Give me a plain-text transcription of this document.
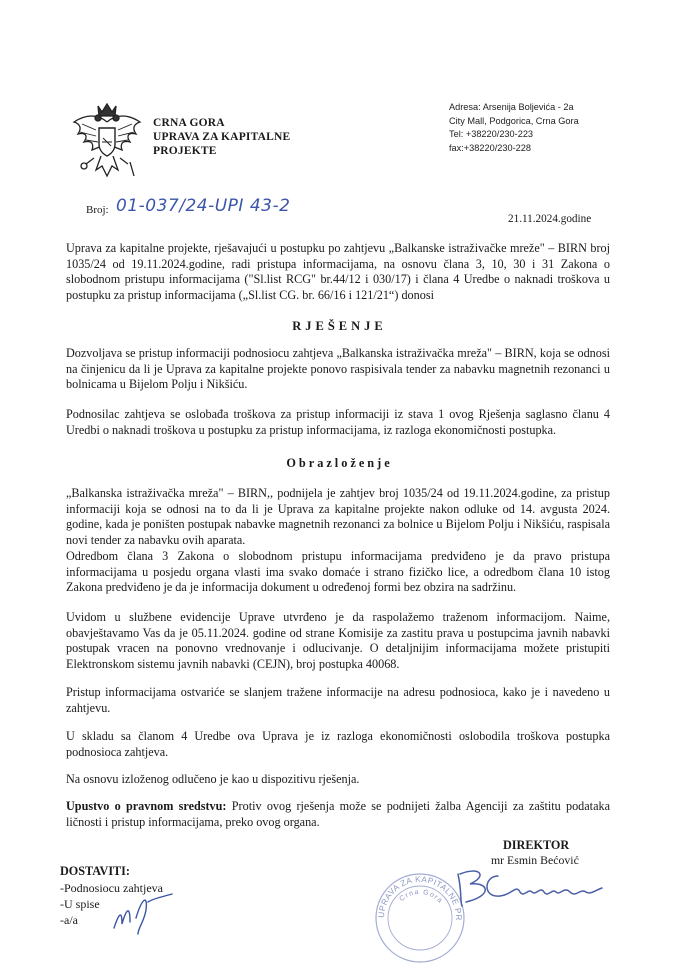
CRNA GORA
UPRAVA ZA KAPITALNE
PROJEKTE
Adresa: Arsenija Boljevića - 2a
City Mall, Podgorica, Crna Gora
Tel: +38220/230-223
fax:+38220/230-228
Broj: 01-037/24-UPI 43-2
21.11.2024.godine
Uprava za kapitalne projekte, rješavajući u postupku po zahtjevu „Balkanske istraživačke mreže" – BIRN broj 1035/24 od 19.11.2024.godine, radi pristupa informacijama, na osnovu člana 3, 10, 30 i 31 Zakona o slobodnom pristupu informacijama ("Sl.list RCG" br.44/12 i 030/17) i člana 4 Uredbe o naknadi troškova u postupku za pristup informacijama („Sl.list CG. br. 66/16 i 121/21“) donosi
RJEŠENJE
Dozvoljava se pristup informaciji podnosiocu zahtjeva „Balkanska istraživačka mreža" – BIRN, koja se odnosi na činjenicu da li je Uprava za kapitalne projekte ponovo raspisivala tender za nabavku magnetnih rezonanci u bolnicama u Bijelom Polju i Nikšiću.
Podnosilac zahtjeva se oslobađa troškova za pristup informaciji iz stava 1 ovog Rješenja saglasno članu 4 Uredbi o naknadi troškova u postupku za pristup informacijama, iz razloga ekonomičnosti postupka.
Obrazloženje
„Balkanska istraživačka mreža" – BIRN,, podnijela je zahtjev broj 1035/24 od 19.11.2024.godine, za pristup informaciji koja se odnosi na to da li je Uprava za kapitalne projekte nakon odluke od 14. avgusta 2024. godine, kada je poništen postupak nabavke magnetnih rezonanci za bolnice u Bijelom Polju i Nikšiću, raspisala novi tender za nabavku ovih aparata.
Odredbom člana 3 Zakona o slobodnom pristupu informacijama predviđeno je da pravo pristupa informacijama u posjedu organa vlasti ima svako domaće i strano fizičko lice, a odredbom člana 10 istog Zakona predviđeno je da je informacija dokument u određenoj formi bez obzira na sadržinu.
Uvidom u službene evidencije Uprave utvrđeno je da raspolažemo traženom informacijom. Naime, obavještavamo Vas da je 05.11.2024. godine od strane Komisije za zastitu prava u postupcima javnih nabavki postupak vracen na ponovno vrednovanje i odlucivanje. O detaljnijim informacijama možete pristupiti Elektronskom sistemu javnih nabavki (CEJN), broj postupka 40068.
Pristup informacijama ostvariće se slanjem tražene informacije na adresu podnosioca, kako je i navedeno u zahtjevu.
U skladu sa članom 4 Uredbe ova Uprava je iz razloga ekonomičnosti oslobodila troškova postupka podnosioca zahtjeva.
Na osnovu izloženog odlučeno je kao u dispozitivu rješenja.
Upustvo o pravnom sredstvu: Protiv ovog rješenja može se podnijeti žalba Agenciji za zaštitu podataka ličnosti i pristup informacijama, preko ovog organa.
DIREKTOR
mr Esmin Bećović
UPRAVA ZA KAPITALNE PR
Crna Gora
DOSTAVITI:
-Podnosiocu zahtjeva
-U spise
-a/a
